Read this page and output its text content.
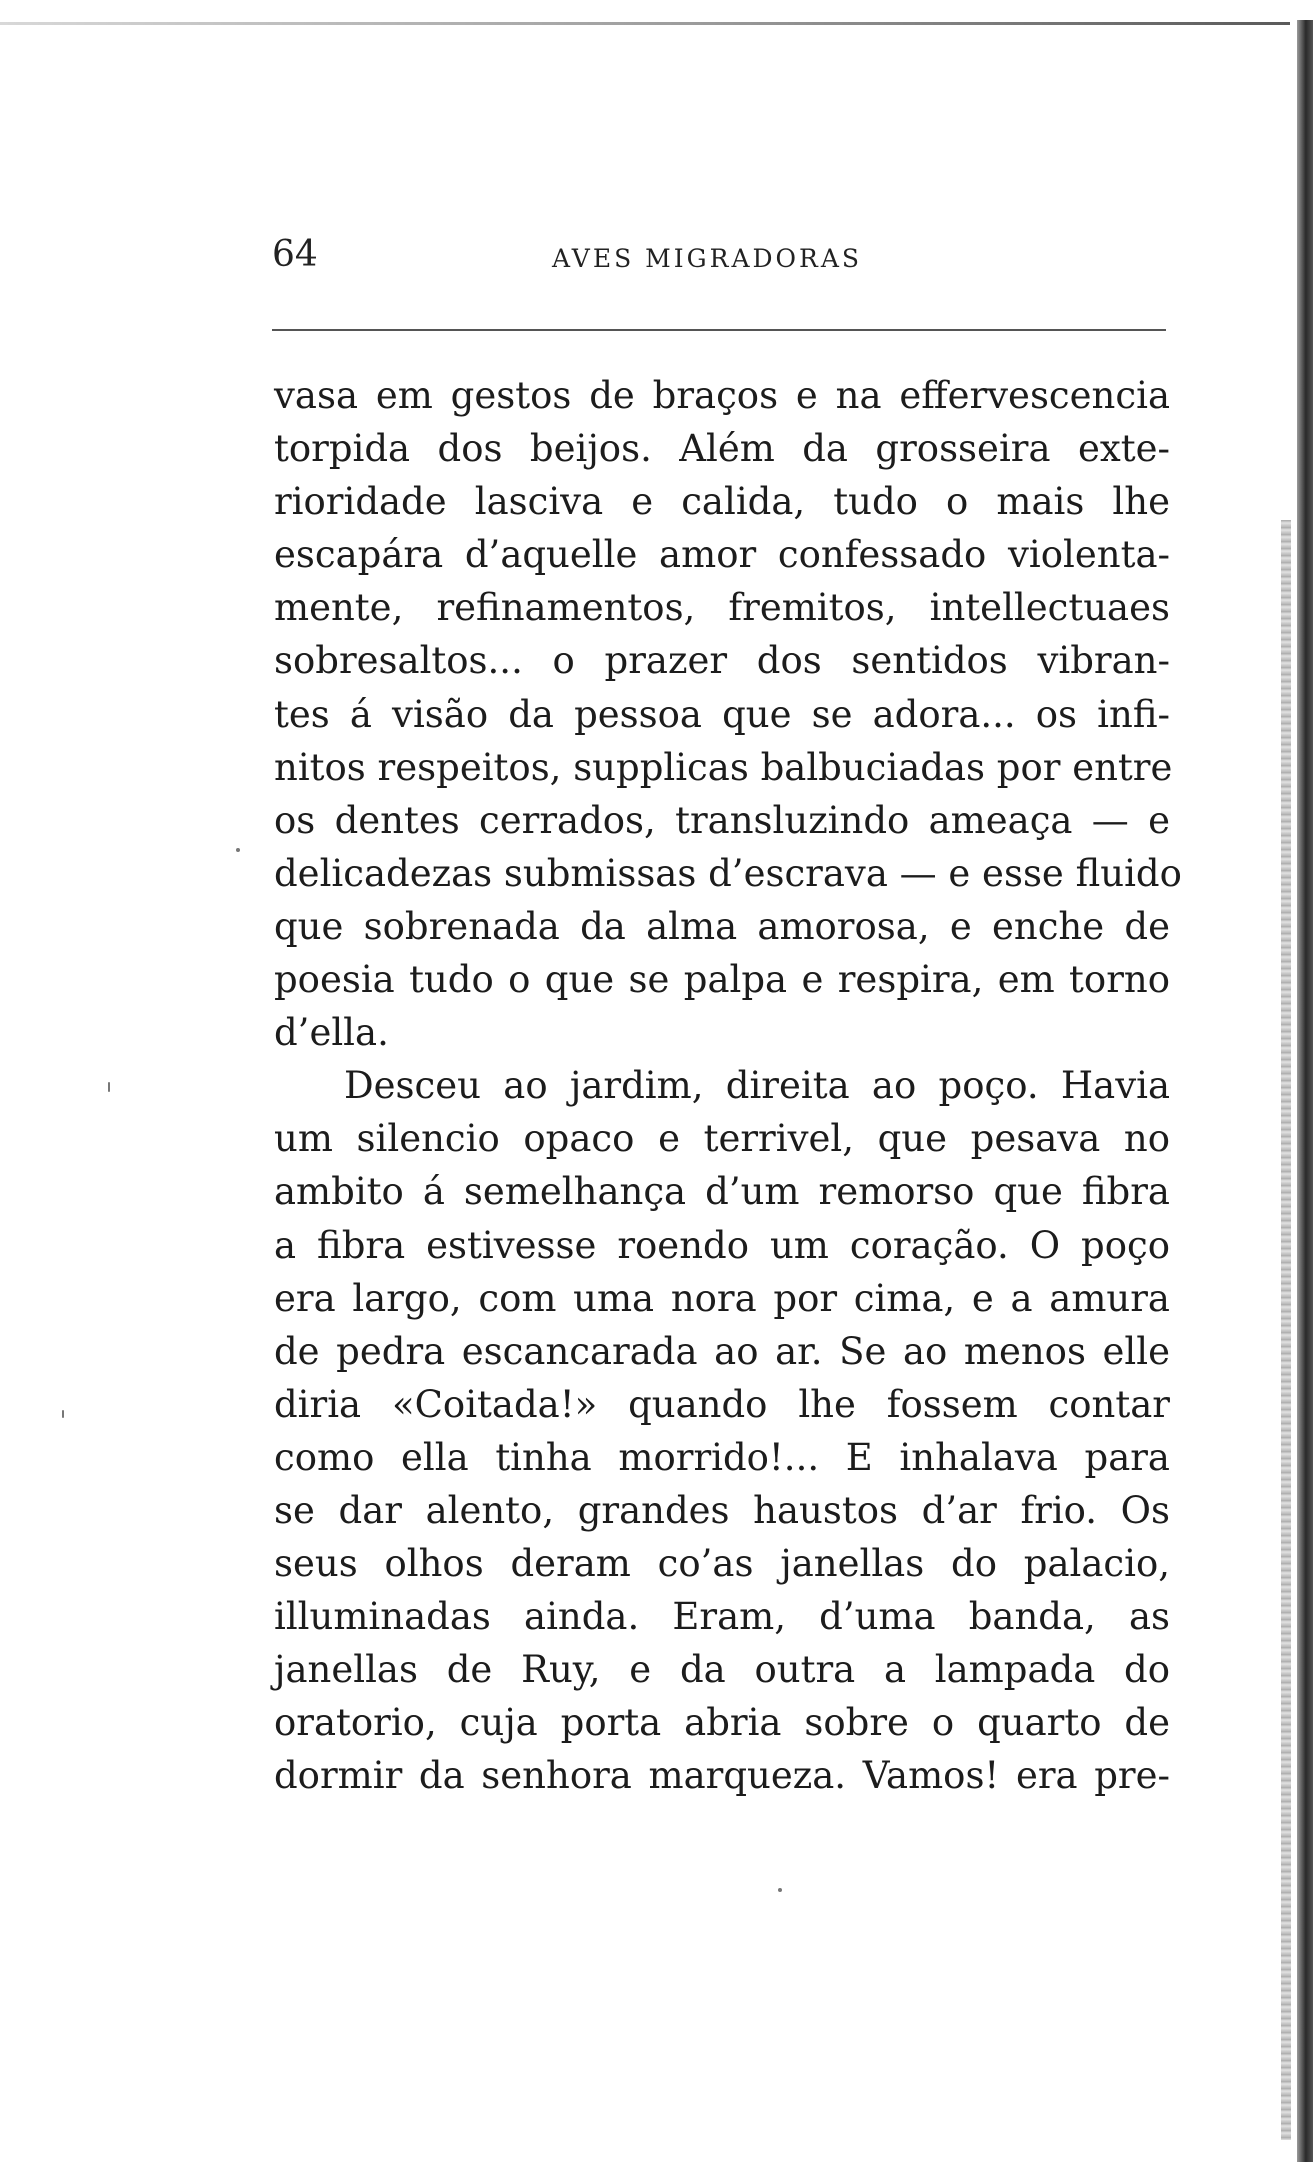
64	AVES MIGRADORAS
vasa em gestos de braços e na effervescencia
torpida dos beijos. Além da grosseira exte-
rioridade lasciva e calida, tudo o mais lhe
escapára d’aquelle amor confessado violenta-
mente, refinamentos, fremitos, intellectuaes
sobresaltos... o prazer dos sentidos vibran-
tes á visão da pessoa que se adora... os infi-
nitos respeitos, supplicas balbuciadas por entre
os dentes cerrados, transluzindo ameaça — e
delicadezas submissas d’escrava — e esse fluido
que sobrenada da alma amorosa, e enche de
poesia tudo o que se palpa e respira, em torno
d’ella.
Desceu ao jardim, direita ao poço. Havia
um silencio opaco e terrivel, que pesava no
ambito á semelhança d’um remorso que fibra
a fibra estivesse roendo um coração. O poço
era largo, com uma nora por cima, e a amura
de pedra escancarada ao ar. Se ao menos elle
diria «Coitada!» quando lhe fossem contar
como ella tinha morrido!... E inhalava para
se dar alento, grandes haustos d’ar frio. Os
seus olhos deram co’as janellas do palacio,
illuminadas ainda. Eram, d’uma banda, as
janellas de Ruy, e da outra a lampada do
oratorio, cuja porta abria sobre o quarto de
dormir da senhora marqueza. Vamos! era pre-
